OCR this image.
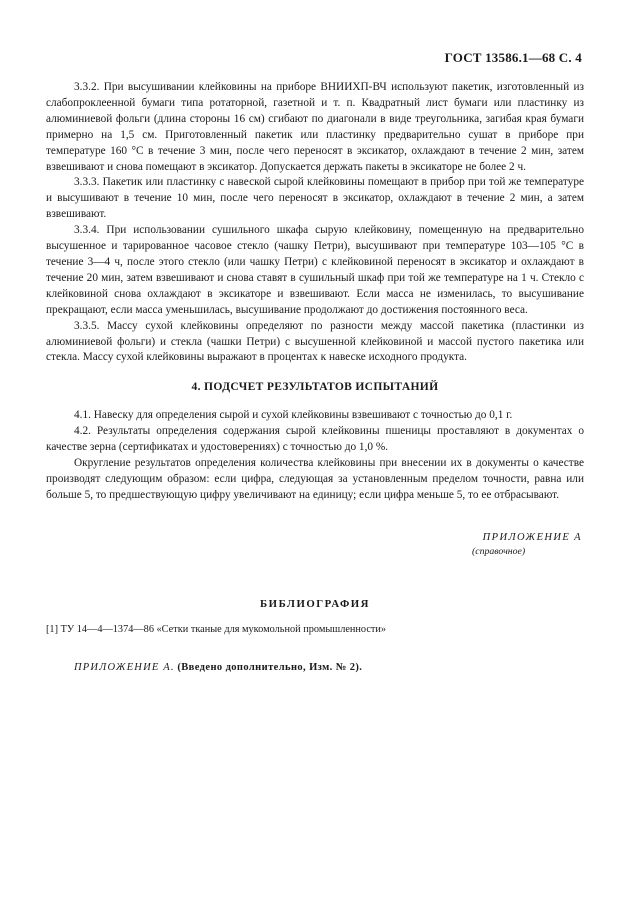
ГОСТ 13586.1—68 С. 4

3.3.2. При высушивании клейковины на приборе ВНИИХП-ВЧ используют пакетик, изготовленный из слабопроклеенной бумаги типа ротаторной, газетной и т. п. Квадратный лист бумаги или пластинку из алюминиевой фольги (длина стороны 16 см) сгибают по диагонали в виде треугольника, загибая края бумаги примерно на 1,5 см. Приготовленный пакетик или пластинку предварительно сушат в приборе при температуре 160 °С в течение 3 мин, после чего переносят в эксикатор, охлаждают в течение 2 мин, затем взвешивают и снова помещают в эксикатор. Допускается держать пакеты в эксикаторе не более 2 ч.

3.3.3. Пакетик или пластинку с навеской сырой клейковины помещают в прибор при той же температуре и высушивают в течение 10 мин, после чего переносят в эксикатор, охлаждают в течение 2 мин, а затем взвешивают.

3.3.4. При использовании сушильного шкафа сырую клейковину, помещенную на предварительно высушенное и тарированное часовое стекло (чашку Петри), высушивают при температуре 103—105 °С в течение 3—4 ч, после этого стекло (или чашку Петри) с клейковиной переносят в эксикатор и охлаждают в течение 20 мин, затем взвешивают и снова ставят в сушильный шкаф при той же температуре на 1 ч. Стекло с клейковиной снова охлаждают в эксикаторе и взвешивают. Если масса не изменилась, то высушивание прекращают, если масса уменьшилась, высушивание продолжают до достижения постоянного веса.

3.3.5. Массу сухой клейковины определяют по разности между массой пакетика (пластинки из алюминиевой фольги) и стекла (чашки Петри) с высушенной клейковиной и массой пустого пакетика или стекла. Массу сухой клейковины выражают в процентах к навеске исходного продукта.

4. ПОДСЧЕТ РЕЗУЛЬТАТОВ ИСПЫТАНИЙ

4.1. Навеску для определения сырой и сухой клейковины взвешивают с точностью до 0,1 г.

4.2. Результаты определения содержания сырой клейковины пшеницы проставляют в документах о качестве зерна (сертификатах и удостоверениях) с точностью до 1,0 %.

Округление результатов определения количества клейковины при внесении их в документы о качестве производят следующим образом: если цифра, следующая за установленным пределом точности, равна или больше 5, то предшествующую цифру увеличивают на единицу; если цифра меньше 5, то ее отбрасывают.

ПРИЛОЖЕНИЕ А
(справочное)
БИБЛИОГРАФИЯ
[1] ТУ 14—4—1374—86 «Сетки тканые для мукомольной промышленности»
ПРИЛОЖЕНИЕ А. (Введено дополнительно, Изм. № 2).
